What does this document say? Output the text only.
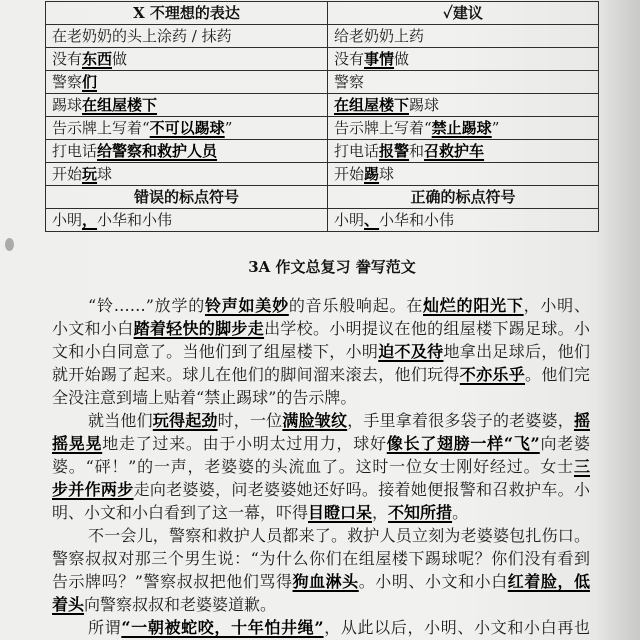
X 不理想的表达	✓建议
在老奶奶的头上涂药 / 抹药	给老奶奶上药
没有东西做	没有事情做
警察们	警察
踢球在组屋楼下	在组屋楼下踢球
告示牌上写着“不可以踢球”	告示牌上写着“禁止踢球”
打电话给警察和救护人员	打电话报警和召救护车
开始玩球	开始踢球
错误的标点符号	正确的标点符号
小明，小华和小伟	小明、小华和小伟
3A 作文总复习 誊写范文
“铃……”放学的铃声如美妙的音乐般响起。在灿烂的阳光下，小明、
小文和小白踏着轻快的脚步走出学校。小明提议在他的组屋楼下踢足球。小
文和小白同意了。当他们到了组屋楼下，小明迫不及待地拿出足球后，他们
就开始踢了起来。球儿在他们的脚间溜来滚去，他们玩得不亦乐乎。他们完
全没注意到墙上贴着“禁止踢球”的告示牌。
就当他们玩得起劲时，一位满脸皱纹，手里拿着很多袋子的老婆婆，摇
摇晃晃地走了过来。由于小明太过用力，球好像长了翅膀一样“飞”向老婆
婆。“砰！”的一声，老婆婆的头流血了。这时一位女士刚好经过。女士三
步并作两步走向老婆婆，问老婆婆她还好吗。接着她便报警和召救护车。小
明、小文和小白看到了这一幕，吓得目瞪口呆，不知所措。
不一会儿，警察和救护人员都来了。救护人员立刻为老婆婆包扎伤口。
警察叔叔对那三个男生说：“为什么你们在组屋楼下踢球呢？你们没有看到
告示牌吗？”警察叔叔把他们骂得狗血淋头。小明、小文和小白红着脸，低
着头向警察叔叔和老婆婆道歉。
所谓“一朝被蛇咬，十年怕井绳”，从此以后，小明、小文和小白再也
